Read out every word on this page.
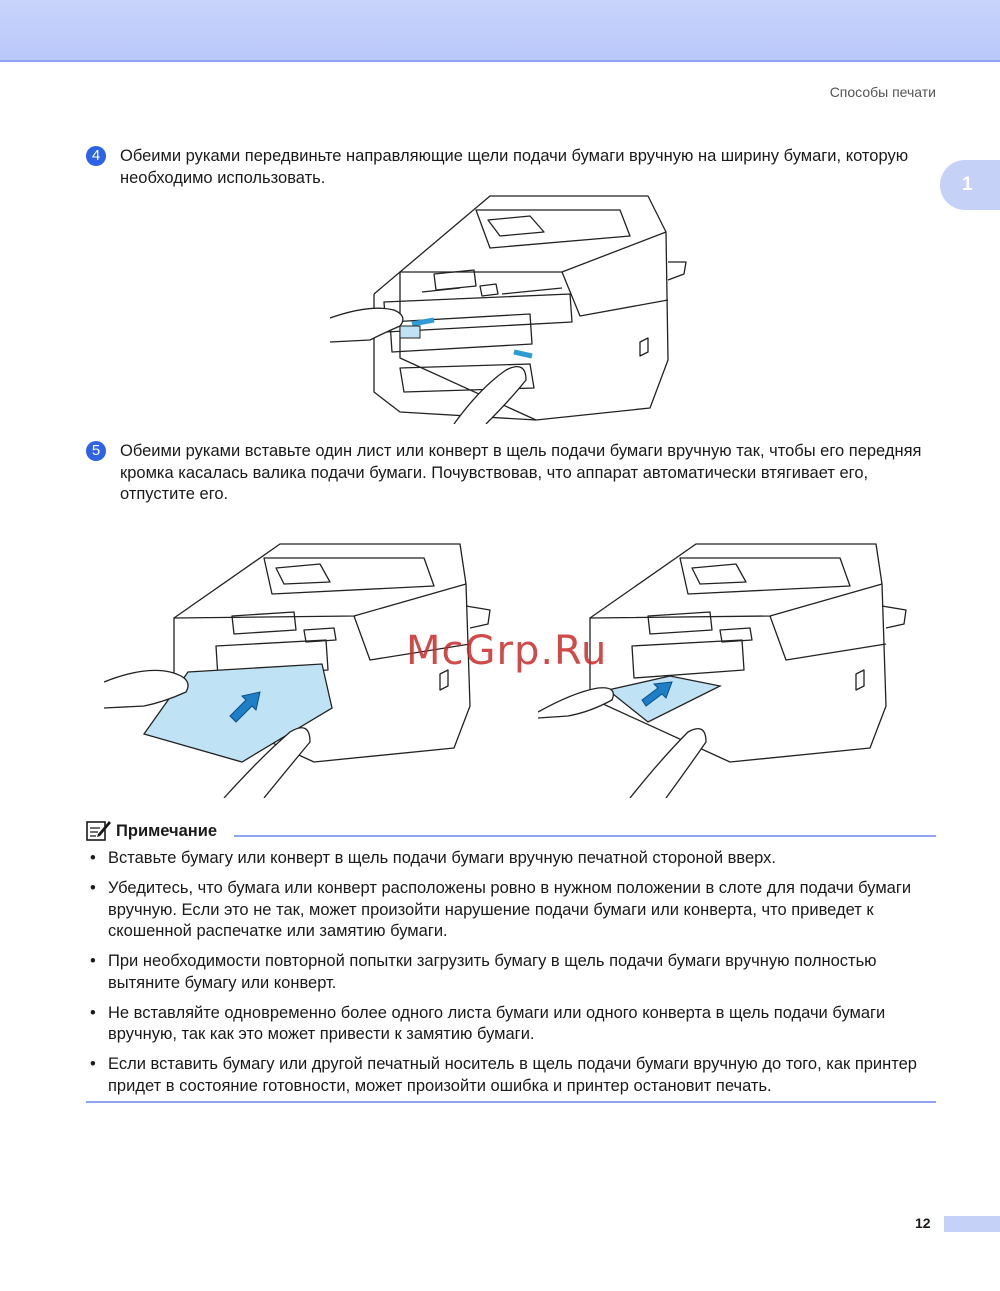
Способы печати
1
4	Обеими руками передвиньте направляющие щели подачи бумаги вручную на ширину бумаги, которую необходимо использовать.
5	Обеими руками вставьте один лист или конверт в щель подачи бумаги вручную так, чтобы его передняя кромка касалась валика подачи бумаги. Почувствовав, что аппарат автоматически втягивает его, отпустите его.
McGrp.Ru
Примечание
• Вставьте бумагу или конверт в щель подачи бумаги вручную печатной стороной вверх.
• Убедитесь, что бумага или конверт расположены ровно в нужном положении в слоте для подачи бумаги вручную. Если это не так, может произойти нарушение подачи бумаги или конверта, что приведет к скошенной распечатке или замятию бумаги.
• При необходимости повторной попытки загрузить бумагу в щель подачи бумаги вручную полностью вытяните бумагу или конверт.
• Не вставляйте одновременно более одного листа бумаги или одного конверта в щель подачи бумаги вручную, так как это может привести к замятию бумаги.
• Если вставить бумагу или другой печатный носитель в щель подачи бумаги вручную до того, как принтер придет в состояние готовности, может произойти ошибка и принтер остановит печать.
12
